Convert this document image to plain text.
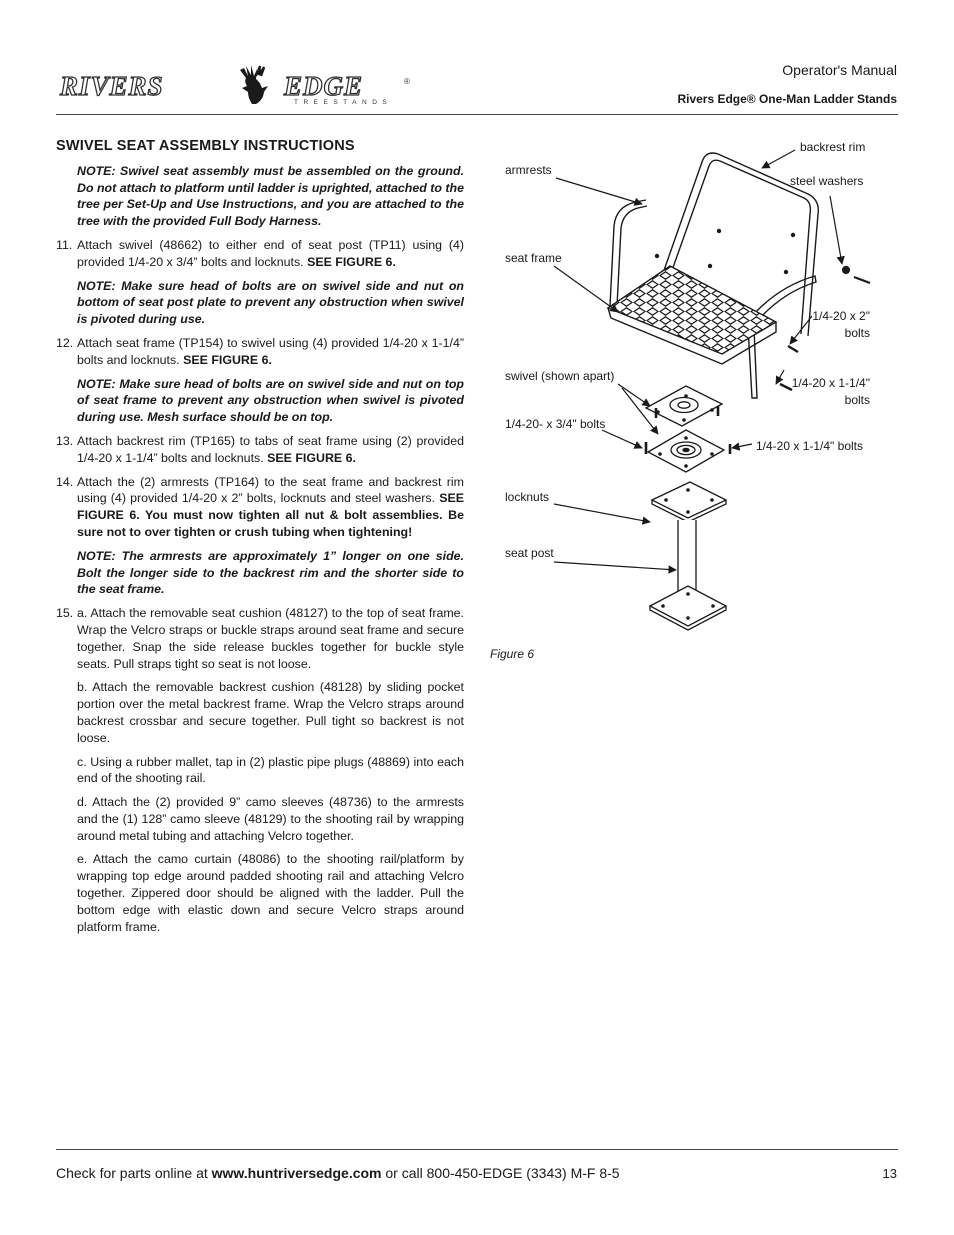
RIVERS	EDGE	®
TREESTANDS
Operator's Manual
Rivers Edge® One-Man Ladder Stands
SWIVEL SEAT ASSEMBLY INSTRUCTIONS
NOTE: Swivel seat assembly must be assembled on the ground. Do not attach to platform until ladder is uprighted, attached to the tree per Set-Up and Use Instructions, and you are attached to the tree with the provided Full Body Harness.
11. Attach swivel (48662) to either end of seat post (TP11) using (4) provided 1/4-20 x 3/4” bolts and locknuts. SEE FIGURE 6.
NOTE: Make sure head of bolts are on swivel side and nut on bottom of seat post plate to prevent any obstruction when swivel is pivoted during use.
12. Attach seat frame (TP154) to swivel using (4) provided 1/4-20 x 1-1/4” bolts and locknuts. SEE FIGURE 6.
NOTE: Make sure head of bolts are on swivel side and nut on top of seat frame to prevent any obstruction when swivel is pivoted during use. Mesh surface should be on top.
13. Attach backrest rim (TP165) to tabs of seat frame using (2) provided 1/4-20 x 1-1/4” bolts and locknuts. SEE FIGURE 6.
14. Attach the (2) armrests (TP164) to the seat frame and backrest rim using (4) provided 1/4-20 x 2” bolts, locknuts and steel washers. SEE FIGURE 6. You must now tighten all nut & bolt assemblies. Be sure not to over tighten or crush tubing when tightening!
NOTE: The armrests are approximately 1” longer on one side. Bolt the longer side to the backrest rim and the shorter side to the seat frame.
15. a. Attach the removable seat cushion (48127) to the top of seat frame. Wrap the Velcro straps or buckle straps around seat frame and secure together. Snap the side release buckles together for buckle style seats. Pull straps tight so seat is not loose.
b. Attach the removable backrest cushion (48128) by sliding pocket portion over the metal backrest frame. Wrap the Velcro straps around backrest crossbar and secure together. Pull tight so backrest is not loose.
c. Using a rubber mallet, tap in (2) plastic pipe plugs (48869) into each end of the shooting rail.
d. Attach the (2) provided 9” camo sleeves (48736) to the armrests and the (1) 128” camo sleeve (48129) to the shooting rail by wrapping around metal tubing and attaching Velcro together.
e. Attach the camo curtain (48086) to the shooting rail/platform by wrapping top edge around padded shooting rail and attaching Velcro together. Zippered door should be aligned with the ladder. Pull the bottom edge with elastic down and secure Velcro straps around platform frame.
backrest rim
armrests
steel washers
seat frame
1/4-20 x 2"
bolts
1/4-20 x 1-1/4"
bolts
swivel (shown apart)
1/4-20- x 3/4" bolts
1/4-20 x 1-1/4" bolts
locknuts
seat post
Figure 6
Check for parts online at www.huntriversedge.com or call 800-450-EDGE (3343) M-F 8-5	13
